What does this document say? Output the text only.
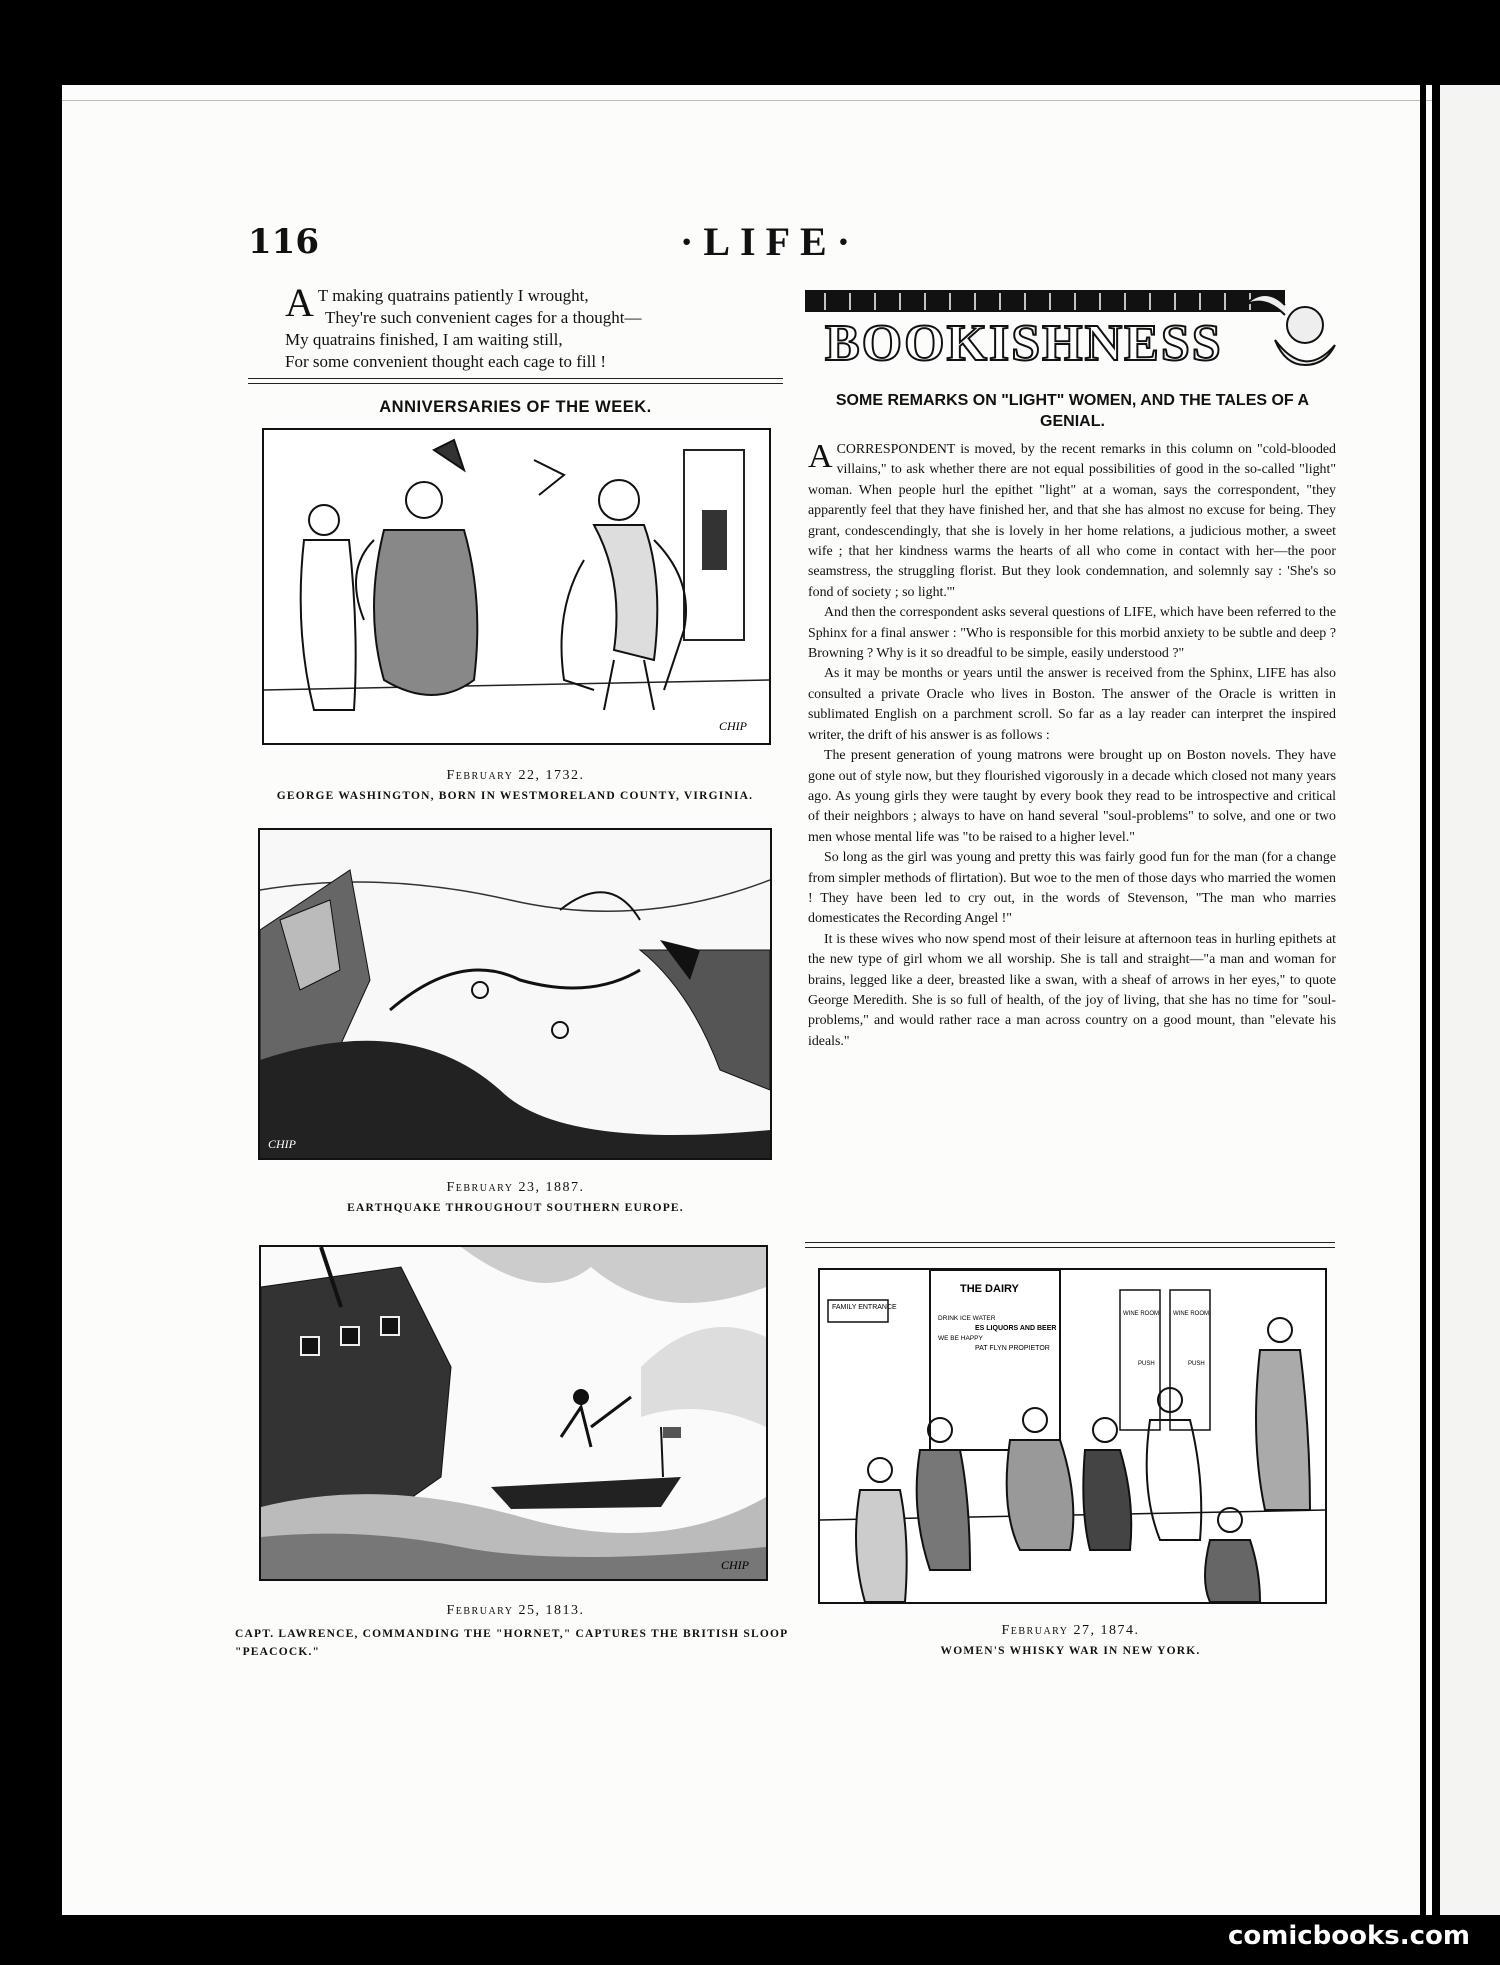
116	·LIFE·
A T making quatrains patiently I wrought,
They're such convenient cages for a thought—
My quatrains finished, I am waiting still,
For some convenient thought each cage to fill !
ANNIVERSARIES OF THE WEEK.
CHIP
February 22, 1732.
GEORGE WASHINGTON, BORN IN WESTMORELAND COUNTY, VIRGINIA.
CHIP
February 23, 1887.
EARTHQUAKE THROUGHOUT SOUTHERN EUROPE.
CHIP
February 25, 1813.
CAPT. LAWRENCE, COMMANDING THE "HORNET," CAPTURES THE BRITISH SLOOP "PEACOCK."
BOOKISHNESS
SOME REMARKS ON "LIGHT" WOMEN, AND THE TALES OF A GENIAL.

A CORRESPONDENT is moved, by the recent remarks in this column on "cold-blooded villains," to ask whether there are not equal possibilities of good in the so-called "light" woman. When people hurl the epithet "light" at a woman, says the correspondent, "they apparently feel that they have finished her, and that she has almost no excuse for being. They grant, condescendingly, that she is lovely in her home relations, a judicious mother, a sweet wife ; that her kindness warms the hearts of all who come in contact with her—the poor seamstress, the struggling florist. But they look condemnation, and solemnly say : 'She's so fond of society ; so light.'"

And then the correspondent asks several questions of LIFE, which have been referred to the Sphinx for a final answer : "Who is responsible for this morbid anxiety to be subtle and deep ? Browning ? Why is it so dreadful to be simple, easily understood ?"

As it may be months or years until the answer is received from the Sphinx, LIFE has also consulted a private Oracle who lives in Boston. The answer of the Oracle is written in sublimated English on a parchment scroll. So far as a lay reader can interpret the inspired writer, the drift of his answer is as follows :

The present generation of young matrons were brought up on Boston novels. They have gone out of style now, but they flourished vigorously in a decade which closed not many years ago. As young girls they were taught by every book they read to be introspective and critical of their neighbors ; always to have on hand several "soul-problems" to solve, and one or two men whose mental life was "to be raised to a higher level."

So long as the girl was young and pretty this was fairly good fun for the man (for a change from simpler methods of flirtation). But woe to the men of those days who married the women ! They have been led to cry out, in the words of Stevenson, "The man who marries domesticates the Recording Angel !"

It is these wives who now spend most of their leisure at afternoon teas in hurling epithets at the new type of girl whom we all worship. She is tall and straight—"a man and woman for brains, legged like a deer, breasted like a swan, with a sheaf of arrows in her eyes," to quote George Meredith. She is so full of health, of the joy of living, that she has no time for "soul-problems," and would rather race a man across country on a good mount, than "elevate his ideals."

FAMILY ENTRANCE
THE DAIRY
DRINK ICE WATER
WE BE HAPPY
ES LIQUORS AND BEER
PAT FLYN PROPIETOR
WINE ROOM WINE ROOM
PUSH	PUSH
February 27, 1874.
WOMEN'S WHISKY WAR IN NEW YORK.
comicbooks.com
